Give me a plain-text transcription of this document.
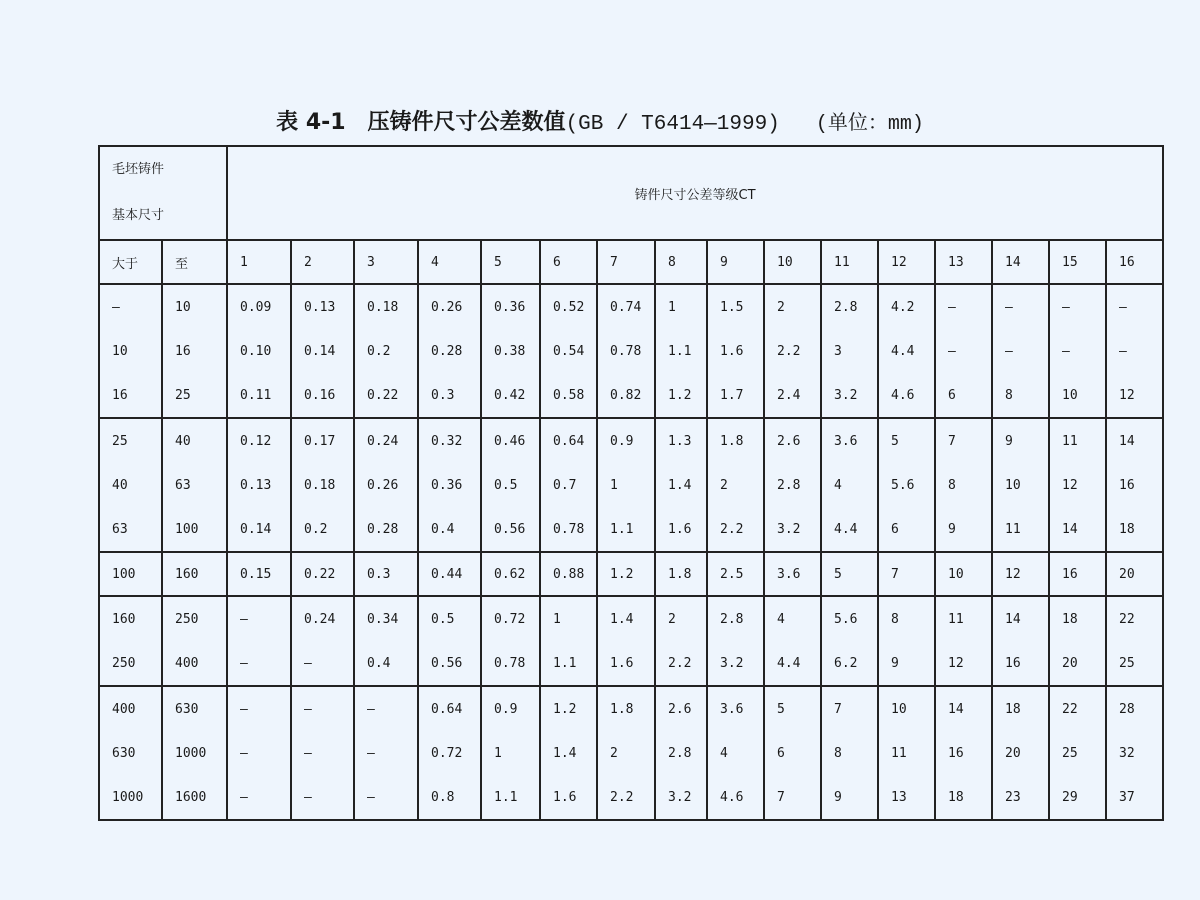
表 4-1　压铸件尺寸公差数值(GB / T6414—1999) (单位：mm)
毛坯铸件
基本尺寸		铸件尺寸公差等级CT															
大于	至	1	2	3	4	5	6	7	8	9	10	11	12	13	14	15	16
—	10	0.09	0.13	0.18	0.26	0.36	0.52	0.74	1	1.5	2	2.8	4.2	—	—	—	—
10	16	0.10	0.14	0.2	0.28	0.38	0.54	0.78	1.1	1.6	2.2	3	4.4	—	—	—	—
16	25	0.11	0.16	0.22	0.3	0.42	0.58	0.82	1.2	1.7	2.4	3.2	4.6	6	8	10	12
25	40	0.12	0.17	0.24	0.32	0.46	0.64	0.9	1.3	1.8	2.6	3.6	5	7	9	11	14
40	63	0.13	0.18	0.26	0.36	0.5	0.7	1	1.4	2	2.8	4	5.6	8	10	12	16
63	100	0.14	0.2	0.28	0.4	0.56	0.78	1.1	1.6	2.2	3.2	4.4	6	9	11	14	18
100	160	0.15	0.22	0.3	0.44	0.62	0.88	1.2	1.8	2.5	3.6	5	7	10	12	16	20
160	250	—	0.24	0.34	0.5	0.72	1	1.4	2	2.8	4	5.6	8	11	14	18	22
250	400	—	—	0.4	0.56	0.78	1.1	1.6	2.2	3.2	4.4	6.2	9	12	16	20	25
400	630	—	—	—	0.64	0.9	1.2	1.8	2.6	3.6	5	7	10	14	18	22	28
630	1000	—	—	—	0.72	1	1.4	2	2.8	4	6	8	11	16	20	25	32
1000	1600	—	—	—	0.8	1.1	1.6	2.2	3.2	4.6	7	9	13	18	23	29	37
